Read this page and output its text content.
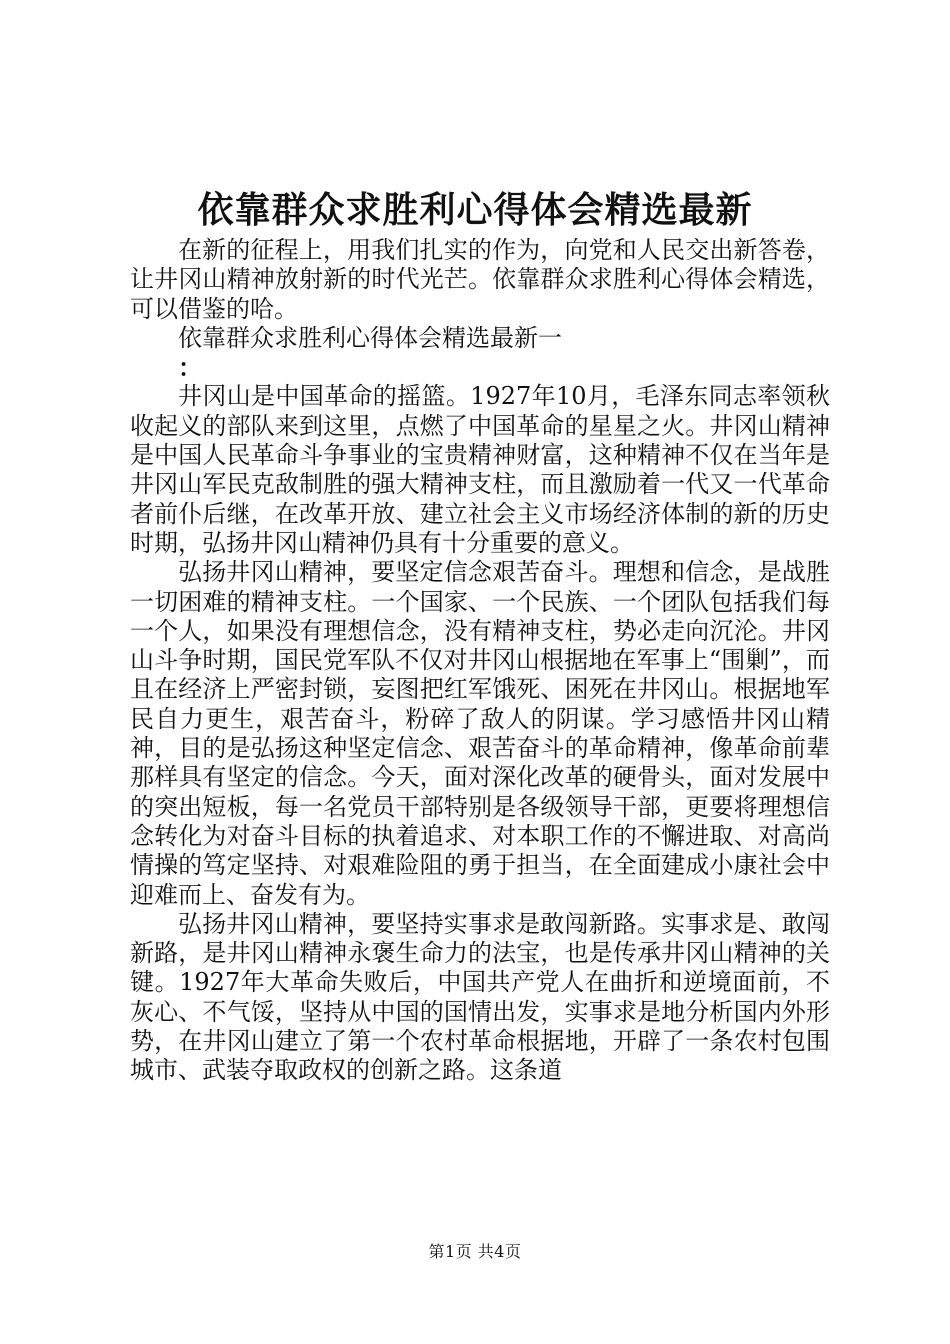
依靠群众求胜利心得体会精选最新

在新的征程上，用我们扎实的作为，向党和人民交出新答卷，让井冈山精神放射新的时代光芒。依靠群众求胜利心得体会精选，可以借鉴的哈。

依靠群众求胜利心得体会精选最新一

：

井冈山是中国革命的摇篮。1927年10月，毛泽东同志率领秋收起义的部队来到这里，点燃了中国革命的星星之火。井冈山精神是中国人民革命斗争事业的宝贵精神财富，这种精神不仅在当年是井冈山军民克敌制胜的强大精神支柱，而且激励着一代又一代革命者前仆后继，在改革开放、建立社会主义市场经济体制的新的历史时期，弘扬井冈山精神仍具有十分重要的意义。

弘扬井冈山精神，要坚定信念艰苦奋斗。理想和信念，是战胜一切困难的精神支柱。一个国家、一个民族、一个团队包括我们每一个人，如果没有理想信念，没有精神支柱，势必走向沉沦。井冈山斗争时期，国民党军队不仅对井冈山根据地在军事上“围剿”，而且在经济上严密封锁，妄图把红军饿死、困死在井冈山。根据地军民自力更生，艰苦奋斗，粉碎了敌人的阴谋。学习感悟井冈山精神，目的是弘扬这种坚定信念、艰苦奋斗的革命精神，像革命前辈那样具有坚定的信念。今天，面对深化改革的硬骨头，面对发展中的突出短板，每一名党员干部特别是各级领导干部，更要将理想信念转化为对奋斗目标的执着追求、对本职工作的不懈进取、对高尚情操的笃定坚持、对艰难险阻的勇于担当，在全面建成小康社会中迎难而上、奋发有为。

弘扬井冈山精神，要坚持实事求是敢闯新路。实事求是、敢闯新路，是井冈山精神永褒生命力的法宝，也是传承井冈山精神的关键。1927年大革命失败后，中国共产党人在曲折和逆境面前，不灰心、不气馁，坚持从中国的国情出发，实事求是地分析国内外形势，在井冈山建立了第一个农村革命根据地，开辟了一条农村包围城市、武装夺取政权的创新之路。这条道

第1页 共4页
